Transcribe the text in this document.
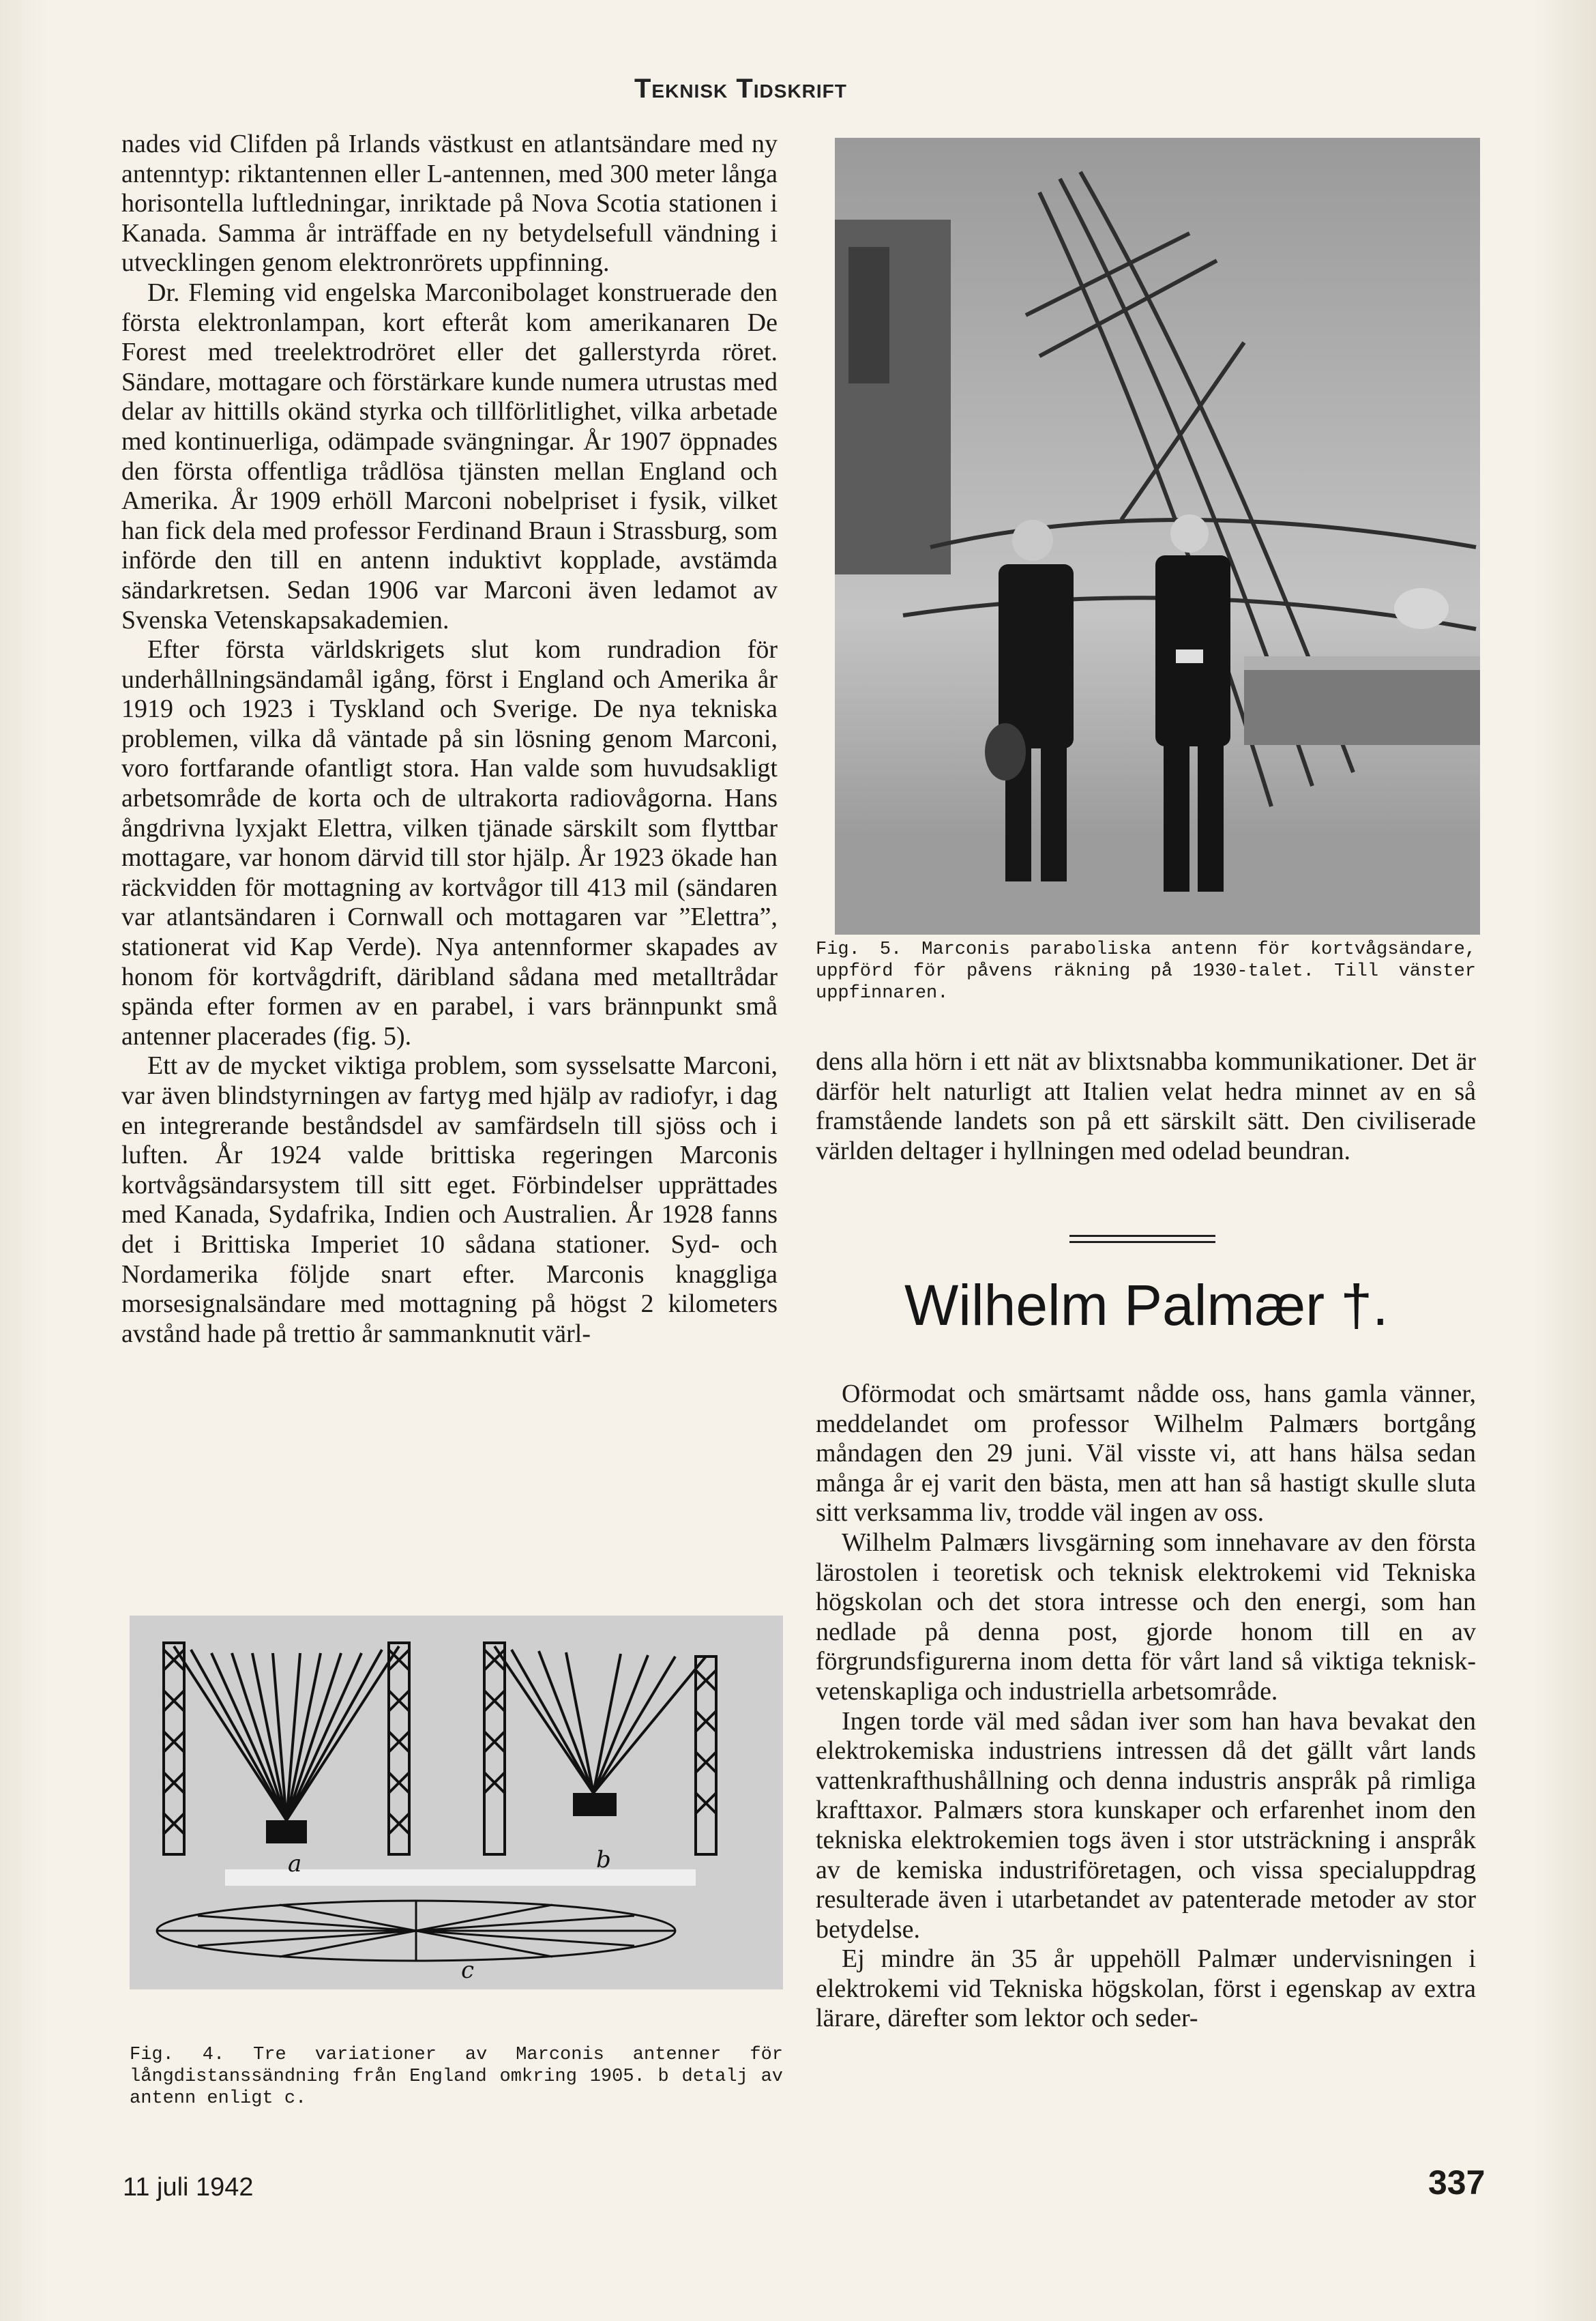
Teknisk Tidskrift

nades vid Clifden på Irlands västkust en atlantsändare med ny antenntyp: riktantennen eller L-antennen, med 300 meter långa horisontella luftledningar, inriktade på Nova Scotia stationen i Kanada. Samma år inträffade en ny betydelsefull vändning i utvecklingen genom elektronrörets uppfinning.

Dr. Fleming vid engelska Marconibolaget konstruerade den första elektronlampan, kort efteråt kom amerikanaren De Forest med treelektrodröret eller det gallerstyrda röret. Sändare, mottagare och förstärkare kunde numera utrustas med delar av hittills okänd styrka och tillförlitlighet, vilka arbetade med kontinuerliga, odämpade svängningar. År 1907 öppnades den första offentliga trådlösa tjänsten mellan England och Amerika. År 1909 erhöll Marconi nobelpriset i fysik, vilket han fick dela med professor Ferdinand Braun i Strassburg, som införde den till en antenn induktivt kopplade, avstämda sändarkretsen. Sedan 1906 var Marconi även ledamot av Svenska Vetenskapsakademien.

Efter första världskrigets slut kom rundradion för underhållningsändamål igång, först i England och Amerika år 1919 och 1923 i Tyskland och Sverige. De nya tekniska problemen, vilka då väntade på sin lösning genom Marconi, voro fortfarande ofantligt stora. Han valde som huvudsakligt arbetsområde de korta och de ultrakorta radiovågorna. Hans ångdrivna lyxjakt Elettra, vilken tjänade särskilt som flyttbar mottagare, var honom därvid till stor hjälp. År 1923 ökade han räckvidden för mottagning av kortvågor till 413 mil (sändaren var atlantsändaren i Cornwall och mottagaren var ”Elettra”, stationerat vid Kap Verde). Nya antennformer skapades av honom för kortvågdrift, däribland sådana med metalltrådar spända efter formen av en parabel, i vars brännpunkt små antenner placerades (fig. 5).

Ett av de mycket viktiga problem, som sysselsatte Marconi, var även blindstyrningen av fartyg med hjälp av radiofyr, i dag en integrerande beståndsdel av samfärdseln till sjöss och i luften. År 1924 valde brittiska regeringen Marconis kortvågsändarsystem till sitt eget. Förbindelser upprättades med Kanada, Sydafrika, Indien och Australien. År 1928 fanns det i Brittiska Imperiet 10 sådana stationer. Syd- och Nordamerika följde snart efter. Marconis knaggliga morsesignalsändare med mottagning på högst 2 kilometers avstånd hade på trettio år sammanknutit värl-

Fig. 5. Marconis paraboliska antenn för kortvågsändare, uppförd för påvens räkning på 1930-talet. Till vänster uppfinnaren.
a	b
c
Fig. 4. Tre variationer av Marconis antenner för långdistanssändning från England omkring 1905. b detalj av antenn enligt c.

dens alla hörn i ett nät av blixtsnabba kommunikationer. Det är därför helt naturligt att Italien velat hedra minnet av en så framstående landets son på ett särskilt sätt. Den civiliserade världen deltager i hyllningen med odelad beundran.

Wilhelm Palmær †.

Oförmodat och smärtsamt nådde oss, hans gamla vänner, meddelandet om professor Wilhelm Palmærs bortgång måndagen den 29 juni. Väl visste vi, att hans hälsa sedan många år ej varit den bästa, men att han så hastigt skulle sluta sitt verksamma liv, trodde väl ingen av oss.

Wilhelm Palmærs livsgärning som innehavare av den första lärostolen i teoretisk och teknisk elektrokemi vid Tekniska högskolan och det stora intresse och den energi, som han nedlade på denna post, gjorde honom till en av förgrundsfigurerna inom detta för vårt land så viktiga teknisk-vetenskapliga och industriella arbetsområde.

Ingen torde väl med sådan iver som han hava bevakat den elektrokemiska industriens intressen då det gällt vårt lands vattenkrafthushållning och denna industris anspråk på rimliga krafttaxor. Palmærs stora kunskaper och erfarenhet inom den tekniska elektrokemien togs även i stor utsträckning i anspråk av de kemiska industriföretagen, och vissa specialuppdrag resulterade även i utarbetandet av patenterade metoder av stor betydelse.

Ej mindre än 35 år uppehöll Palmær undervisningen i elektrokemi vid Tekniska högskolan, först i egenskap av extra lärare, därefter som lektor och seder-

11 juli 1942	337
